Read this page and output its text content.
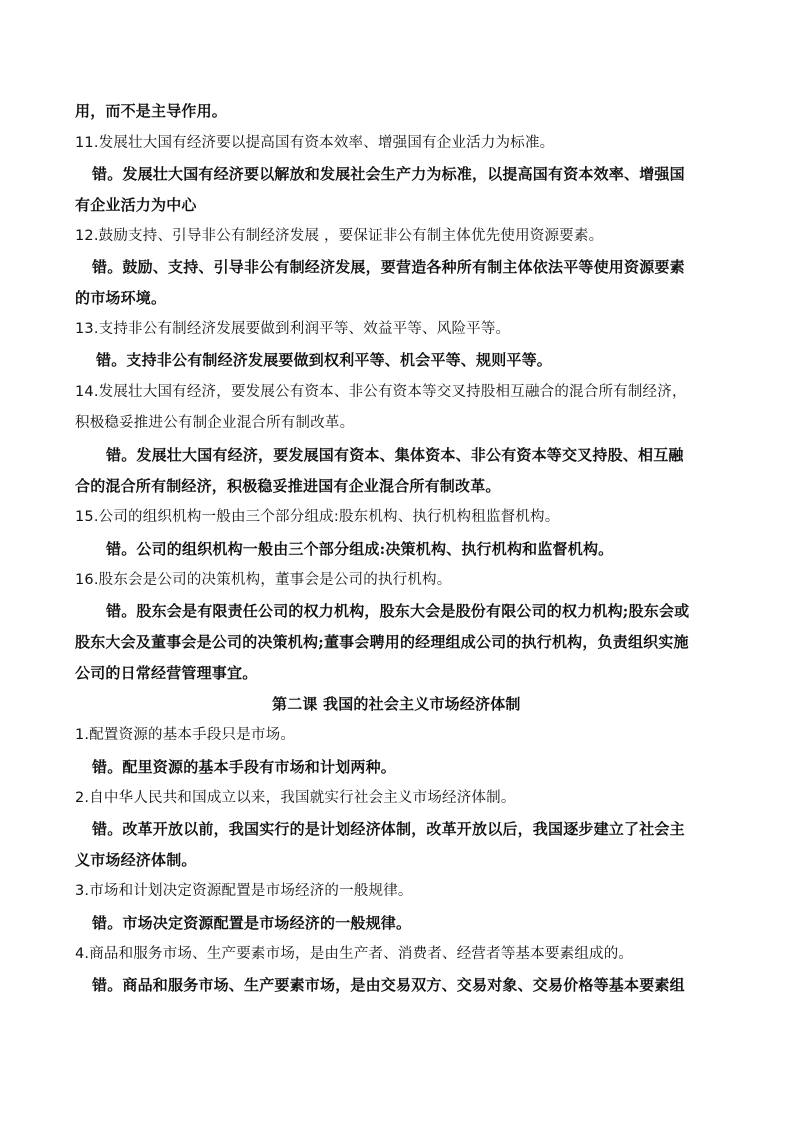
用，而不是主导作用。
11.发展壮大国有经济要以提高国有资本效率、增强国有企业活力为标准。
错。发展壮大国有经济要以解放和发展社会生产力为标准，以提高国有资本效率、增强国
有企业活力为中心
12.鼓励支持、引导非公有制经济发展 ，要保证非公有制主体优先使用资源要素。
错。鼓励、支持、引导非公有制经济发展，要营造各种所有制主体依法平等使用资源要素
的市场环境。
13.支持非公有制经济发展要做到利润平等、效益平等、风险平等。
错。支持非公有制经济发展要做到权利平等、机会平等、规则平等。
14.发展壮大国有经济，要发展公有资本、非公有资本等交叉持股相互融合的混合所有制经济，
积极稳妥推进公有制企业混合所有制改革。
错。发展壮大国有经济，要发展国有资本、集体资本、非公有资本等交叉持股、相互融
合的混合所有制经济，积极稳妥推进国有企业混合所有制改革。
15.公司的组织机构一般由三个部分组成:股东机构、执行机构租监督机构。
错。公司的组织机构一般由三个部分组成:决策机构、执行机构和监督机构。
16.股东会是公司的决策机构，董事会是公司的执行机构。
错。股东会是有限责任公司的权力机构，股东大会是股份有限公司的权力机构;股东会或
股东大会及董事会是公司的决策机构;董事会聘用的经理组成公司的执行机构，负责组织实施
公司的日常经营管理事宜。
第二课 我国的社会主义市场经济体制
1.配置资源的基本手段只是市场。
错。配里资源的基本手段有市场和计划两种。
2.自中华人民共和国成立以来，我国就实行社会主义市场经济体制。
错。改革开放以前，我国实行的是计划经济体制，改革开放以后，我国逐步建立了社会主
义市场经济体制。
3.市场和计划决定资源配置是市场经济的一般规律。
错。市场决定资源配置是市场经济的一般规律。
4.商品和服务市场、生产要素市场，是由生产者、消费者、经营者等基本要素组成的。
错。商品和服务市场、生产要素市场，是由交易双方、交易对象、交易价格等基本要素组
